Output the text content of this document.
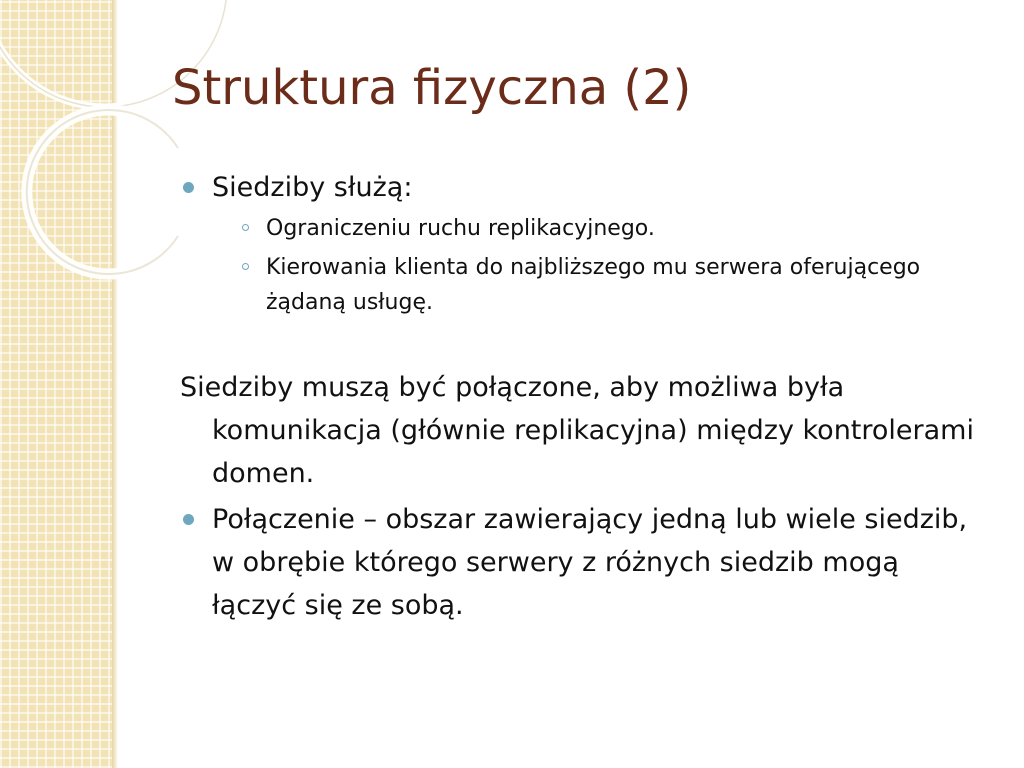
Struktura fizyczna (2)
Siedziby służą:
Ograniczeniu ruchu replikacyjnego.
Kierowania klienta do najbliższego mu serwera oferującego żądaną usługę.
Siedziby muszą być połączone, aby możliwa była komunikacja (głównie replikacyjna) między kontrolerami domen.
Połączenie – obszar zawierający jedną lub wiele siedzib, w obrębie którego serwery z różnych siedzib mogą łączyć się ze sobą.
